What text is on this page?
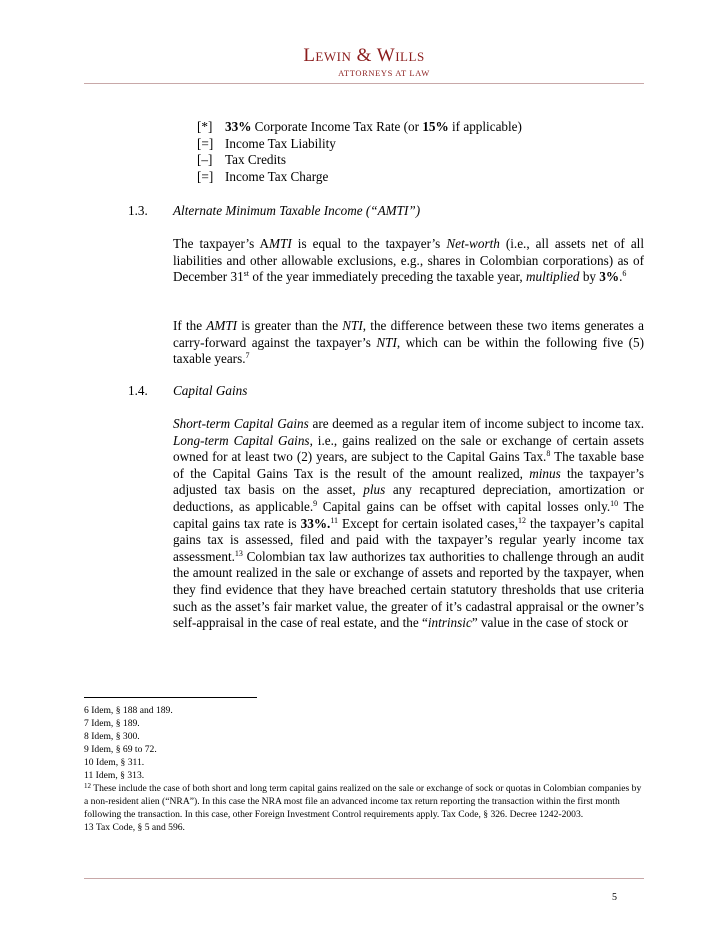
Lewin & Wills
ATTORNEYS AT LAW
[*] 33% Corporate Income Tax Rate (or 15% if applicable)
[=] Income Tax Liability
[–] Tax Credits
[=] Income Tax Charge
1.3. Alternate Minimum Taxable Income (“AMTI”)
The taxpayer’s AMTI is equal to the taxpayer’s Net-worth (i.e., all assets net of all liabilities and other allowable exclusions, e.g., shares in Colombian corporations) as of December 31st of the year immediately preceding the taxable year, multiplied by 3%.$^6$
If the AMTI is greater than the NTI, the difference between these two items generates a carry-forward against the taxpayer’s NTI, which can be within the following five (5) taxable years.$^7$
1.4. Capital Gains
Short-term Capital Gains are deemed as a regular item of income subject to income tax. Long-term Capital Gains, i.e., gains realized on the sale or exchange of certain assets owned for at least two (2) years, are subject to the Capital Gains Tax.$^8$ The taxable base of the Capital Gains Tax is the result of the amount realized, minus the taxpayer’s adjusted tax basis on the asset, plus any recaptured depreciation, amortization or deductions, as applicable.$^9$ Capital gains can be offset with capital losses only.$^{10}$ The capital gains tax rate is 33%.$^{11}$ Except for certain isolated cases,$^{12}$ the taxpayer’s capital gains tax is assessed, filed and paid with the taxpayer’s regular yearly income tax assessment.$^{13}$ Colombian tax law authorizes tax authorities to challenge through an audit the amount realized in the sale or exchange of assets and reported by the taxpayer, when they find evidence that they have breached certain statutory thresholds that use criteria such as the asset’s fair market value, the greater of it’s cadastral appraisal or the owner’s self-appraisal in the case of real estate, and the “intrinsic” value in the case of stock or
6 Idem, § 188 and 189.
7 Idem, § 189.
8 Idem, § 300.
9 Idem, § 69 to 72.
10 Idem, § 311.
11 Idem, § 313.
$^{12}$ These include the case of both short and long term capital gains realized on the sale or exchange of sock or quotas in Colombian companies by a non-resident alien (“NRA”). In this case the NRA most file an advanced income tax return reporting the transaction within the first month following the transaction. In this case, other Foreign Investment Control requirements apply. Tax Code, § 326. Decree 1242-2003.
13 Tax Code, § 5 and 596.
5
